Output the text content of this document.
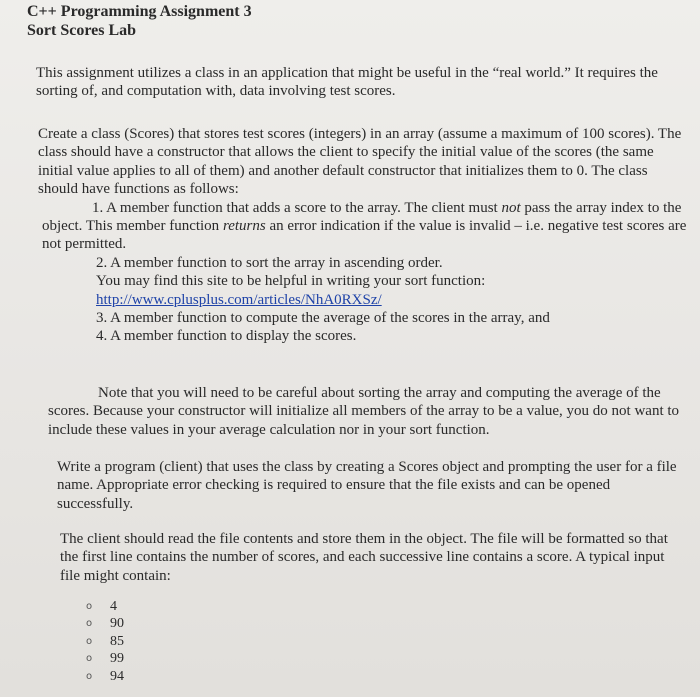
C++ Programming Assignment 3
Sort Scores Lab

This assignment utilizes a class in an application that might be useful in the “real world.” It requires the sorting of, and computation with, data involving test scores.

Create a class (Scores) that stores test scores (integers) in an array (assume a maximum of 100 scores). The class should have a constructor that allows the client to specify the initial value of the scores (the same initial value applies to all of them) and another default constructor that initializes them to 0. The class should have functions as follows:
1. A member function that adds a score to the array. The client must not pass the array index to the object. This member function returns an error indication if the value is invalid – i.e. negative test scores are not permitted.
2. A member function to sort the array in ascending order.
You may find this site to be helpful in writing your sort function:
http://www.cplusplus.com/articles/NhA0RXSz/
3. A member function to compute the average of the scores in the array, and
4. A member function to display the scores.

Note that you will need to be careful about sorting the array and computing the average of the scores. Because your constructor will initialize all members of the array to be a value, you do not want to include these values in your average calculation nor in your sort function.

Write a program (client) that uses the class by creating a Scores object and prompting the user for a file name. Appropriate error checking is required to ensure that the file exists and can be opened successfully.

The client should read the file contents and store them in the object. The file will be formatted so that the first line contains the number of scores, and each successive line contains a score. A typical input file might contain:

o 4
o 90
o 85
o 99
o 94
